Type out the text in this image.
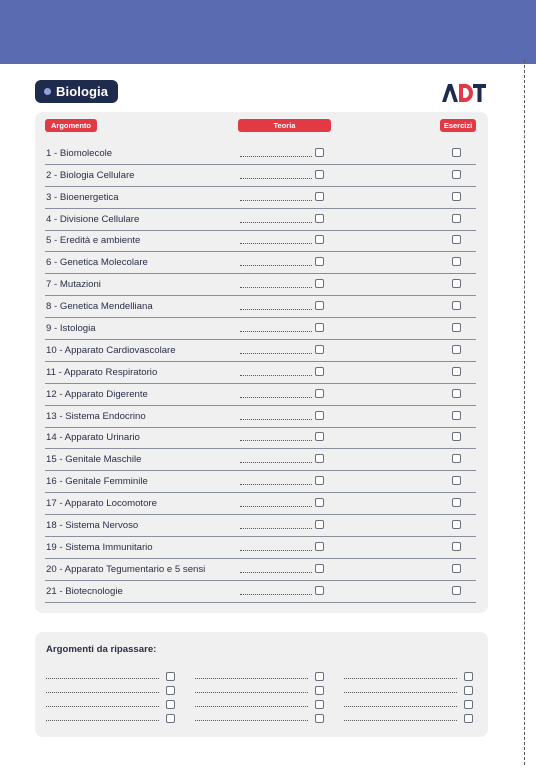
Biologia
Argomento	Teoria	Esercizi
1 - Biomolecole
2 - Biologia Cellulare
3 - Bioenergetica
4 - Divisione Cellulare
5 - Eredità e ambiente
6 - Genetica Molecolare
7 - Mutazioni
8 - Genetica Mendelliana
9 - Istologia
10 - Apparato Cardiovascolare
11 - Apparato Respiratorio
12 - Apparato Digerente
13 - Sistema Endocrino
14 - Apparato Urinario
15 - Genitale Maschile
16 - Genitale Femminile
17 - Apparato Locomotore
18 - Sistema Nervoso
19 - Sistema Immunitario
20 - Apparato Tegumentario e 5 sensi
21 - Biotecnologie
Argomenti da ripassare:
